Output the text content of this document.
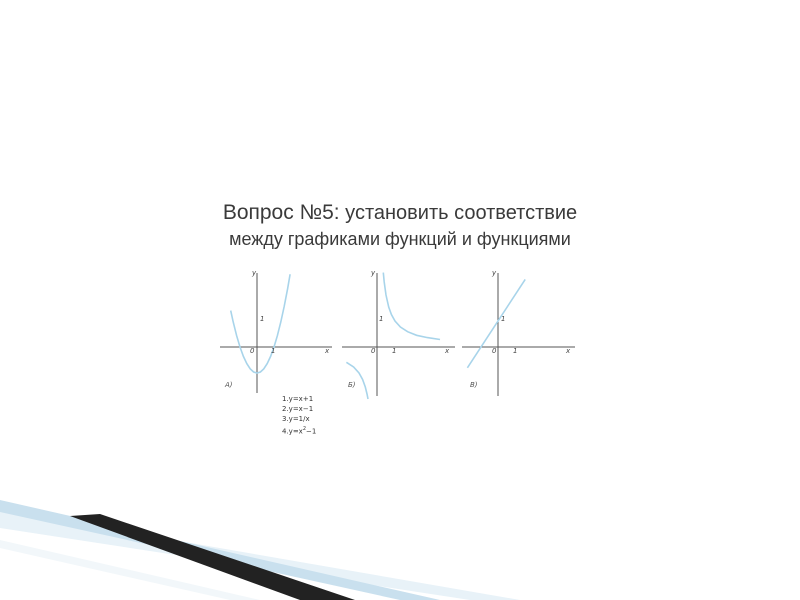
Вопрос №5: установить соответствие
между графиками функций и функциями
y
x
0 1
1
А)
y
x
0 1
1
Б)
y
x
0 1
1
В)
1.y=x+1
2.y=x−1
3.y=1/x
$4.y=x^2-1$
